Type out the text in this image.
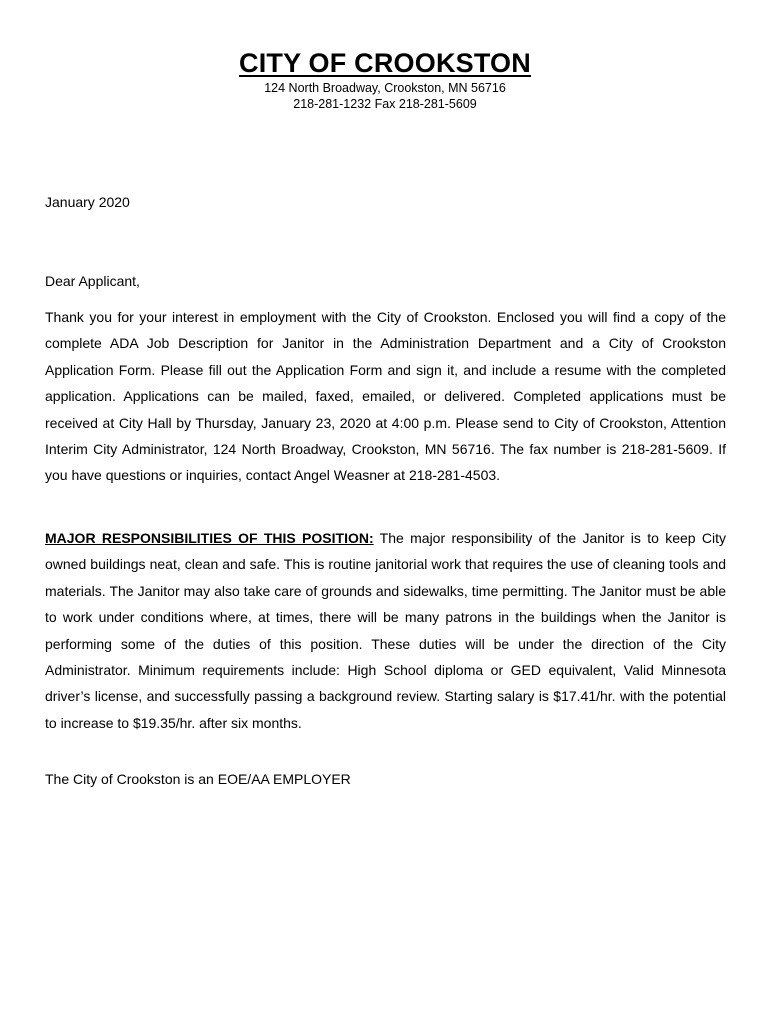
CITY OF CROOKSTON
124 North Broadway, Crookston, MN 56716
218-281-1232 Fax 218-281-5609
January 2020
Dear Applicant,

Thank you for your interest in employment with the City of Crookston. Enclosed you will find a copy of the complete ADA Job Description for Janitor in the Administration Department and a City of Crookston Application Form. Please fill out the Application Form and sign it, and include a resume with the completed application. Applications can be mailed, faxed, emailed, or delivered. Completed applications must be received at City Hall by Thursday, January 23, 2020 at 4:00 p.m. Please send to City of Crookston, Attention Interim City Administrator, 124 North Broadway, Crookston, MN 56716. The fax number is 218-281-5609. If you have questions or inquiries, contact Angel Weasner at 218-281-4503.

MAJOR RESPONSIBILITIES OF THIS POSITION: The major responsibility of the Janitor is to keep City owned buildings neat, clean and safe. This is routine janitorial work that requires the use of cleaning tools and materials. The Janitor may also take care of grounds and sidewalks, time permitting. The Janitor must be able to work under conditions where, at times, there will be many patrons in the buildings when the Janitor is performing some of the duties of this position. These duties will be under the direction of the City Administrator. Minimum requirements include: High School diploma or GED equivalent, Valid Minnesota driver’s license, and successfully passing a background review. Starting salary is $17.41/hr. with the potential to increase to $19.35/hr. after six months.

The City of Crookston is an EOE/AA EMPLOYER
